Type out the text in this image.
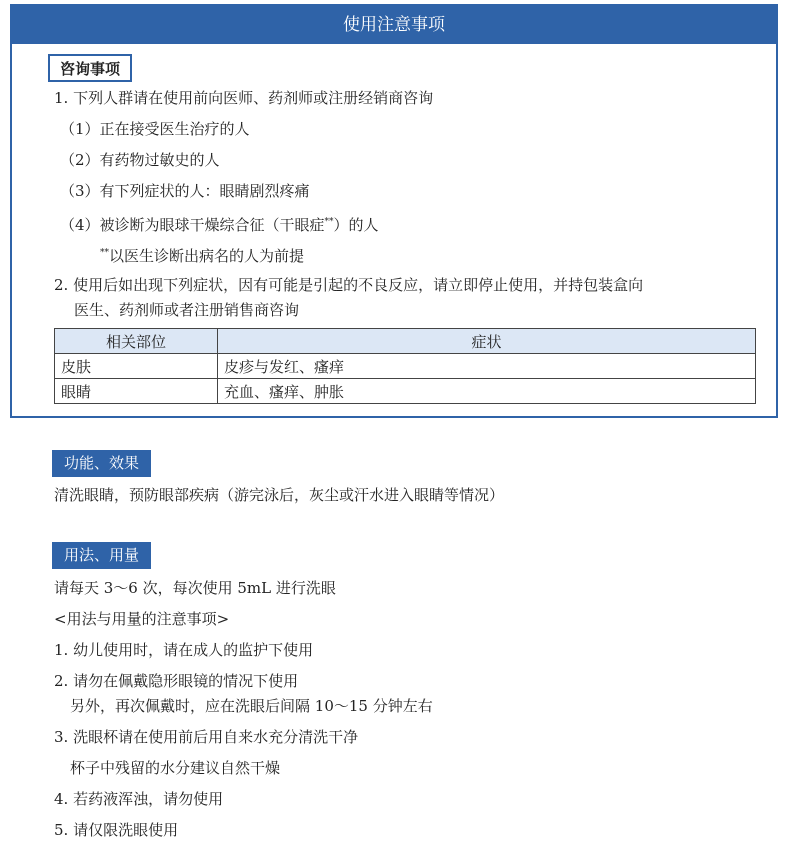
使用注意事项
咨询事项
1. 下列人群请在使用前向医师、药剂师或注册经销商咨询
（1）正在接受医生治疗的人
（2）有药物过敏史的人
（3）有下列症状的人：眼睛剧烈疼痛
（4）被诊断为眼球干燥综合征（干眼症**）的人
**以医生诊断出病名的人为前提
2. 使用后如出现下列症状，因有可能是引起的不良反应，请立即停止使用，并持包装盒向
医生、药剂师或者注册销售商咨询
相关部位	症状
皮肤	皮疹与发红、瘙痒
眼睛	充血、瘙痒、肿胀
功能、效果
清洗眼睛，预防眼部疾病（游完泳后，灰尘或汗水进入眼睛等情况）
用法、用量
请每天 3～6 次，每次使用 5mL 进行洗眼
<用法与用量的注意事项>
1. 幼儿使用时，请在成人的监护下使用
2. 请勿在佩戴隐形眼镜的情况下使用
另外，再次佩戴时，应在洗眼后间隔 10～15 分钟左右
3. 洗眼杯请在使用前后用自来水充分清洗干净
杯子中残留的水分建议自然干燥
4. 若药液浑浊，请勿使用
5. 请仅限洗眼使用
